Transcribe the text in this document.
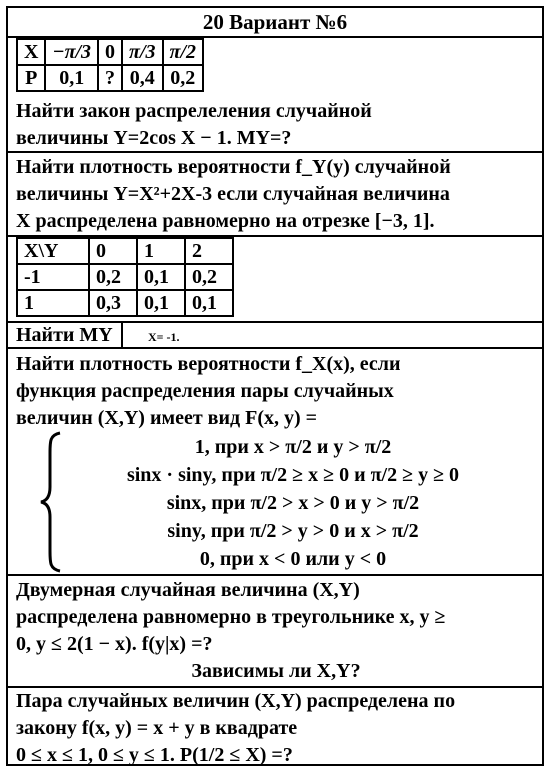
20 Вариант №6
X	−π/3	0	π/3	π/2
P	0,1	?	0,4	0,2
Найти закон распрелеления случайной
величины Y=2cos X − 1. MY=?
Найти плотность вероятности f_Y(y) случайной
величины Y=X²+2X-3 если случайная величина
X распределена равномерно на отрезке [−3, 1].
X\Y	0	1	2
-1	0,2	0,1	0,2
1	0,3	0,1	0,1
Найти MY	X= -1.
Найти плотность вероятности f_X(x), если
функция распределения пары случайных
величин (X,Y) имеет вид F(x, y) =
1, при x > π/2 и y > π/2
sinx · siny, при π/2 ≥ x ≥ 0 и π/2 ≥ y ≥ 0
sinx, при π/2 > x > 0 и y > π/2
siny, при π/2 > y > 0 и x > π/2
0, при x < 0 или y < 0
Двумерная случайная величина (X,Y)
распределена равномерно в треугольнике x, y ≥
0, y ≤ 2(1 − x). f(y|x) =?
Зависимы ли X,Y?
Пара случайных величин (X,Y) распределена по
закону f(x, y) = x + y в квадрате
0 ≤ x ≤ 1, 0 ≤ y ≤ 1. P(1/2 ≤ X) =?
